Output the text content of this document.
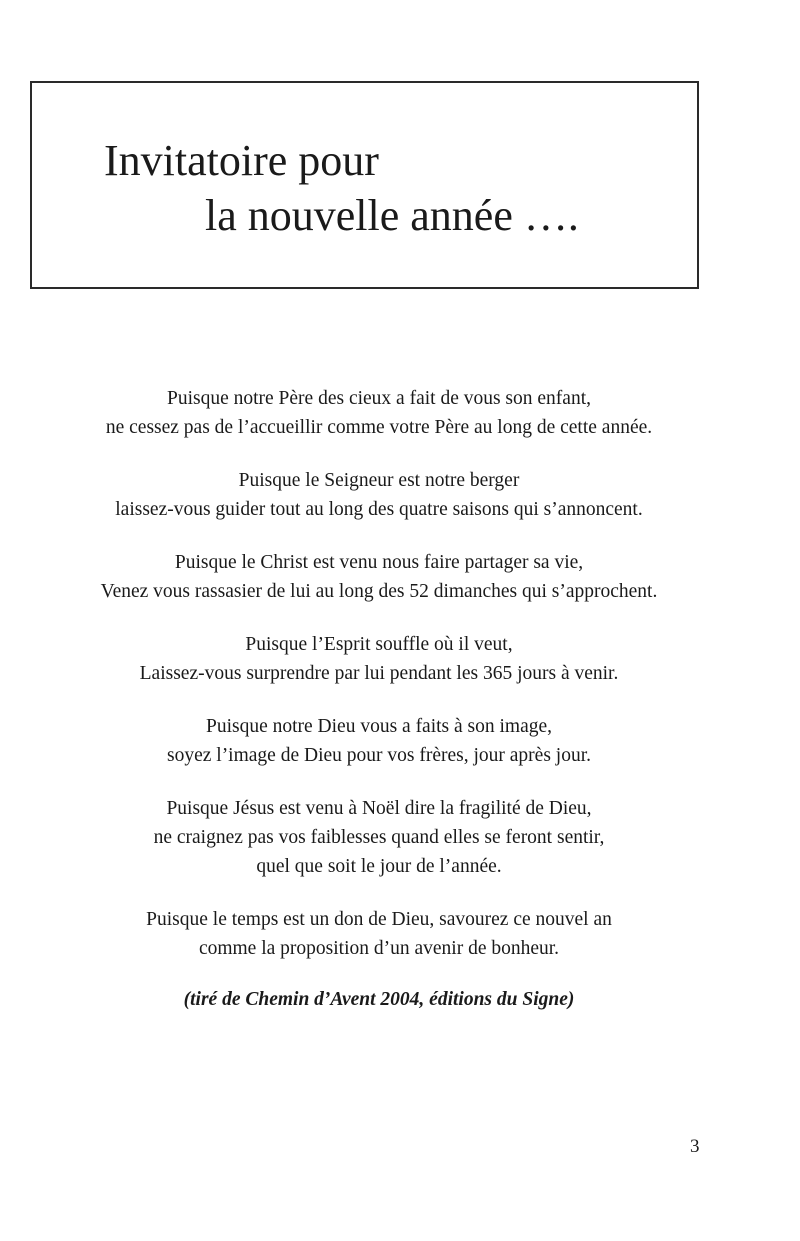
Invitatoire pour
la nouvelle année ….
Puisque notre Père des cieux a fait de vous son enfant,
ne cessez pas de l’accueillir comme votre Père au long de cette année.
Puisque le Seigneur est notre berger
laissez-vous guider tout au long des quatre saisons qui s’annoncent.
Puisque le Christ est venu nous faire partager sa vie,
Venez vous rassasier de lui au long des 52 dimanches qui s’approchent.
Puisque l’Esprit souffle où il veut,
Laissez-vous surprendre par lui pendant les 365 jours à venir.
Puisque notre Dieu vous a faits à son image,
soyez l’image de Dieu pour vos frères, jour après jour.
Puisque Jésus est venu à Noël dire la fragilité de Dieu,
ne craignez pas vos faiblesses quand elles se feront sentir,
quel que soit le jour de l’année.
Puisque le temps est un don de Dieu, savourez ce nouvel an
comme la proposition d’un avenir de bonheur.
(tiré de Chemin d’Avent 2004, éditions du Signe)
3
